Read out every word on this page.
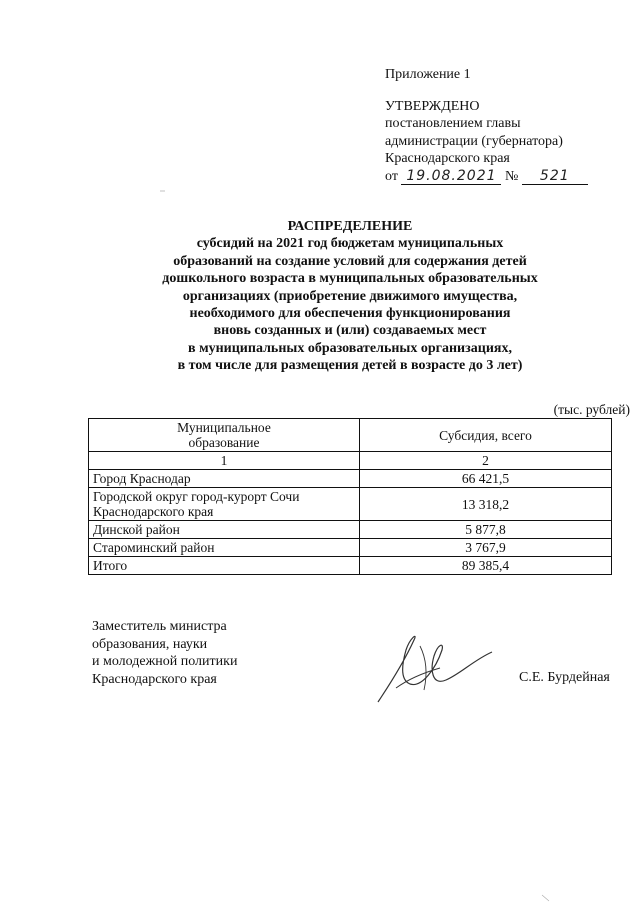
Приложение 1
УТВЕРЖДЕНО
постановлением главы
администрации (губернатора)
Краснодарского края
от 19.08.2021 № 521
РАСПРЕДЕЛЕНИЕ
субсидий на 2021 год бюджетам муниципальных
образований на создание условий для содержания детей
дошкольного возраста в муниципальных образовательных
организациях (приобретение движимого имущества,
необходимого для обеспечения функционирования
вновь созданных и (или) создаваемых мест
в муниципальных образовательных организациях,
в том числе для размещения детей в возрасте до 3 лет)
(тыс. рублей)
Муниципальное
образование	Субсидия, всего
1	2
Город Краснодар	66 421,5

Городской округ город-курорт Сочи
Краснодарского края	13 318,2
Динской район	5 877,8
Староминский район	3 767,9
Итого	89 385,4
Заместитель министра
образования, науки
и молодежной политики
Краснодарского края	С.Е. Бурдейная
